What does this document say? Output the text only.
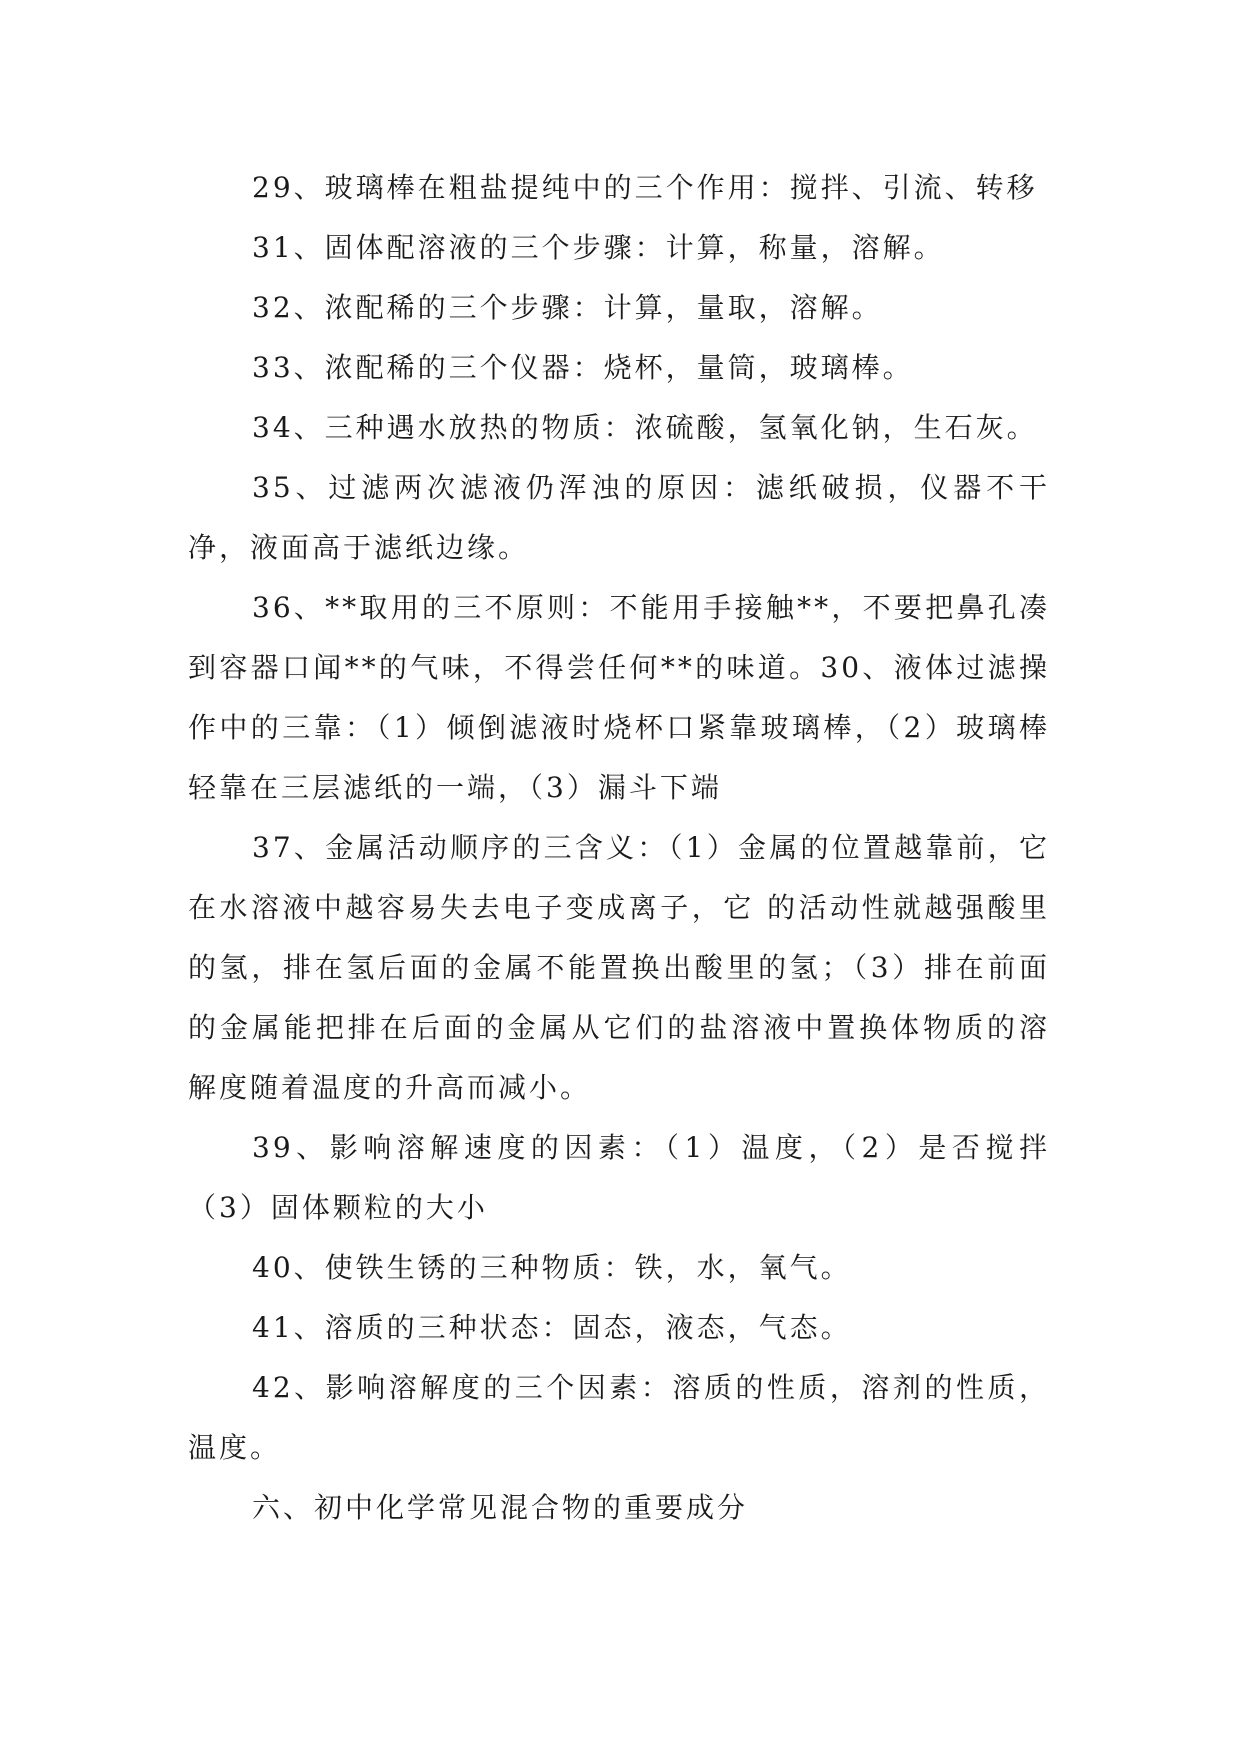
29、玻璃棒在粗盐提纯中的三个作用：搅拌、引流、转移

31、固体配溶液的三个步骤：计算，称量，溶解。

32、浓配稀的三个步骤：计算，量取，溶解。

33、浓配稀的三个仪器：烧杯，量筒，玻璃棒。

34、三种遇水放热的物质：浓硫酸，氢氧化钠，生石灰。

35、过滤两次滤液仍浑浊的原因：滤纸破损，仪器不干净，液面高于滤纸边缘。

36、**取用的三不原则：不能用手接触**，不要把鼻孔凑到容器口闻**的气味，不得尝任何**的味道。30、液体过滤操作中的三靠：（1）倾倒滤液时烧杯口紧靠玻璃棒，（2）玻璃棒轻靠在三层滤纸的一端，（3）漏斗下端

37、金属活动顺序的三含义：（1）金属的位置越靠前，它在水溶液中越容易失去电子变成离子，它 的活动性就越强酸里的氢，排在氢后面的金属不能置换出酸里的氢；（3）排在前面的金属能把排在后面的金属从它们的盐溶液中置换体物质的溶解度随着温度的升高而减小。

39、影响溶解速度的因素：（1）温度，（2）是否搅拌（3）固体颗粒的大小

40、使铁生锈的三种物质：铁，水，氧气。

41、溶质的三种状态：固态，液态，气态。

42、影响溶解度的三个因素：溶质的性质，溶剂的性质，温度。

六、初中化学常见混合物的重要成分
